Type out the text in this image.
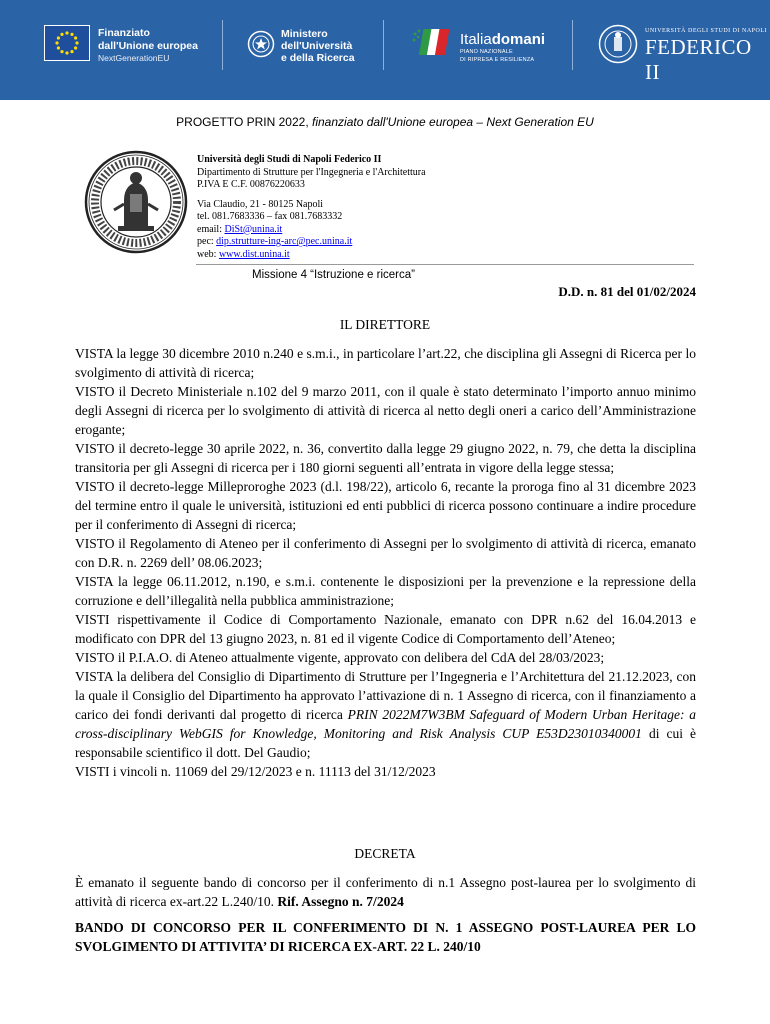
Finanziato
dall'Unione europea
NextGenerationEU
Ministero
dell'Università
e della Ricerca
Italiadomani
PIANO NAZIONALE
DI RIPRESA E RESILIENZA
UNIVERSITÀ DEGLI STUDI DI NAPOLI
FEDERICO II
PROGETTO PRIN 2022, finanziato dall'Unione europea – Next Generation EU
Università degli Studi di Napoli Federico II
Dipartimento di Strutture per l'Ingegneria e l'Architettura
P.IVA E C.F. 00876220633
Via Claudio, 21 - 80125 Napoli
tel. 081.7683336 – fax 081.7683332
email: DiSt@unina.it
pec: dip.strutture-ing-arc@pec.unina.it
web: www.dist.unina.it
Missione 4 “Istruzione e ricerca”
D.D. n. 81 del 01/02/2024
IL DIRETTORE

VISTA la legge 30 dicembre 2010 n.240 e s.m.i., in particolare l’art.22, che disciplina gli Assegni di Ricerca per lo svolgimento di attività di ricerca;

VISTO il Decreto Ministeriale n.102 del 9 marzo 2011, con il quale è stato determinato l’importo annuo minimo degli Assegni di ricerca per lo svolgimento di attività di ricerca al netto degli oneri a carico dell’Amministrazione erogante;

VISTO il decreto-legge 30 aprile 2022, n. 36, convertito dalla legge 29 giugno 2022, n. 79, che detta la disciplina transitoria per gli Assegni di ricerca per i 180 giorni seguenti all’entrata in vigore della legge stessa;

VISTO il decreto-legge Milleproroghe 2023 (d.l. 198/22), articolo 6, recante la proroga fino al 31 dicembre 2023 del termine entro il quale le università, istituzioni ed enti pubblici di ricerca possono continuare a indire procedure per il conferimento di Assegni di ricerca;

VISTO il Regolamento di Ateneo per il conferimento di Assegni per lo svolgimento di attività di ricerca, emanato con D.R. n. 2269 dell’ 08.06.2023;

VISTA la legge 06.11.2012, n.190, e s.m.i. contenente le disposizioni per la prevenzione e la repressione della corruzione e dell’illegalità nella pubblica amministrazione;

VISTI rispettivamente il Codice di Comportamento Nazionale, emanato con DPR n.62 del 16.04.2013 e modificato con DPR del 13 giugno 2023, n. 81 ed il vigente Codice di Comportamento dell’Ateneo;

VISTO il P.I.A.O. di Ateneo attualmente vigente, approvato con delibera del CdA del 28/03/2023;

VISTA la delibera del Consiglio di Dipartimento di Strutture per l’Ingegneria e l’Architettura del 21.12.2023, con la quale il Consiglio del Dipartimento ha approvato l’attivazione di n. 1 Assegno di ricerca, con il finanziamento a carico dei fondi derivanti dal progetto di ricerca PRIN 2022M7W3BM Safeguard of Modern Urban Heritage: a cross-disciplinary WebGIS for Knowledge, Monitoring and Risk Analysis CUP E53D23010340001 di cui è responsabile scientifico il dott. Del Gaudio;

VISTI i vincoli n. 11069 del 29/12/2023 e n. 11113 del 31/12/2023

DECRETA
È emanato il seguente bando di concorso per il conferimento di n.1 Assegno post-laurea per lo svolgimento di attività di ricerca ex-art.22 L.240/10. Rif. Assegno n. 7/2024
BANDO DI CONCORSO PER IL CONFERIMENTO DI N. 1 ASSEGNO POST-LAUREA PER LO SVOLGIMENTO DI ATTIVITA’ DI RICERCA EX-ART. 22 L. 240/10
